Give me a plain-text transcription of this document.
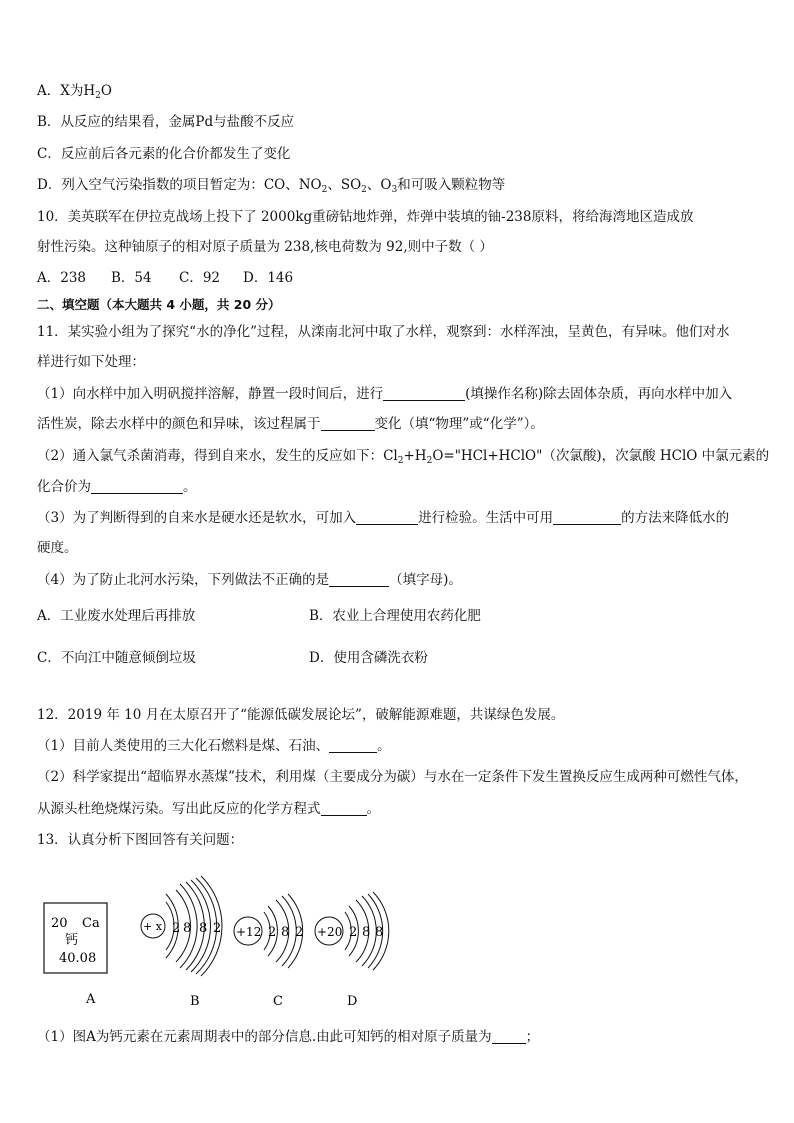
A．X为$H_2O$
B．从反应的结果看，金属Pd与盐酸不反应
C．反应前后各元素的化合价都发生了变化
D．列入空气污染指数的项目暂定为：CO、$NO_2$、$SO_2$、$O_3$和可吸入颗粒物等
10．美英联军在伊拉克战场上投下了 2000kg重磅钻地炸弹，炸弹中装填的铀-238原料，将给海湾地区造成放
射性污染。这种铀原子的相对原子质量为 238,核电荷数为 92,则中子数（ ）
A．238 B．54 C．92 D．146
二、填空题（本大题共 4 小题，共 20 分）
11．某实验小组为了探究“水的净化”过程，从滦南北河中取了水样，观察到：水样浑浊，呈黄色，有异味。他们对水
样进行如下处理：
（1）向水样中加入明矾搅拌溶解，静置一段时间后，进行	(填操作名称)除去固体杂质，再向水样中加入
活性炭，除去水样中的颜色和异味，该过程属于	变化（填“物理”或“化学”）。
（2）通入氯气杀菌消毒，得到自来水，发生的反应如下：$Cl_2+H_2O="HCl+HClO$"（次氯酸)，次氯酸 HClO 中氯元素的
化合价为	。
（3）为了判断得到的自来水是硬水还是软水，可加入	进行检验。生活中可用	的方法来降低水的
硬度。
（4）为了防止北河水污染，下列做法不正确的是	（填字母)。
A．工业废水处理后再排放	B．农业上合理使用农药化肥
C．不向江中随意倾倒垃圾	D．使用含磷洗衣粉
12．2019 年 10 月在太原召开了“能源低碳发展论坛”，破解能源难题，共谋绿色发展。
（1）目前人类使用的三大化石燃料是煤、石油、	。
（2）科学家提出“超临界水蒸煤”技术，利用煤（主要成分为碳）与水在一定条件下发生置换反应生成两种可燃性气体，
从源头杜绝烧煤污染。写出此反应的化学方程式	。
13．认真分析下图回答有关问题：
20 Ca
钙
40.08
+ x 2 8 8 2 +12 2 8 2 +20 2 8 8
A	B	C	D
（1）图A为钙元素在元素周期表中的部分信息.由此可知钙的相对原子质量为	；
